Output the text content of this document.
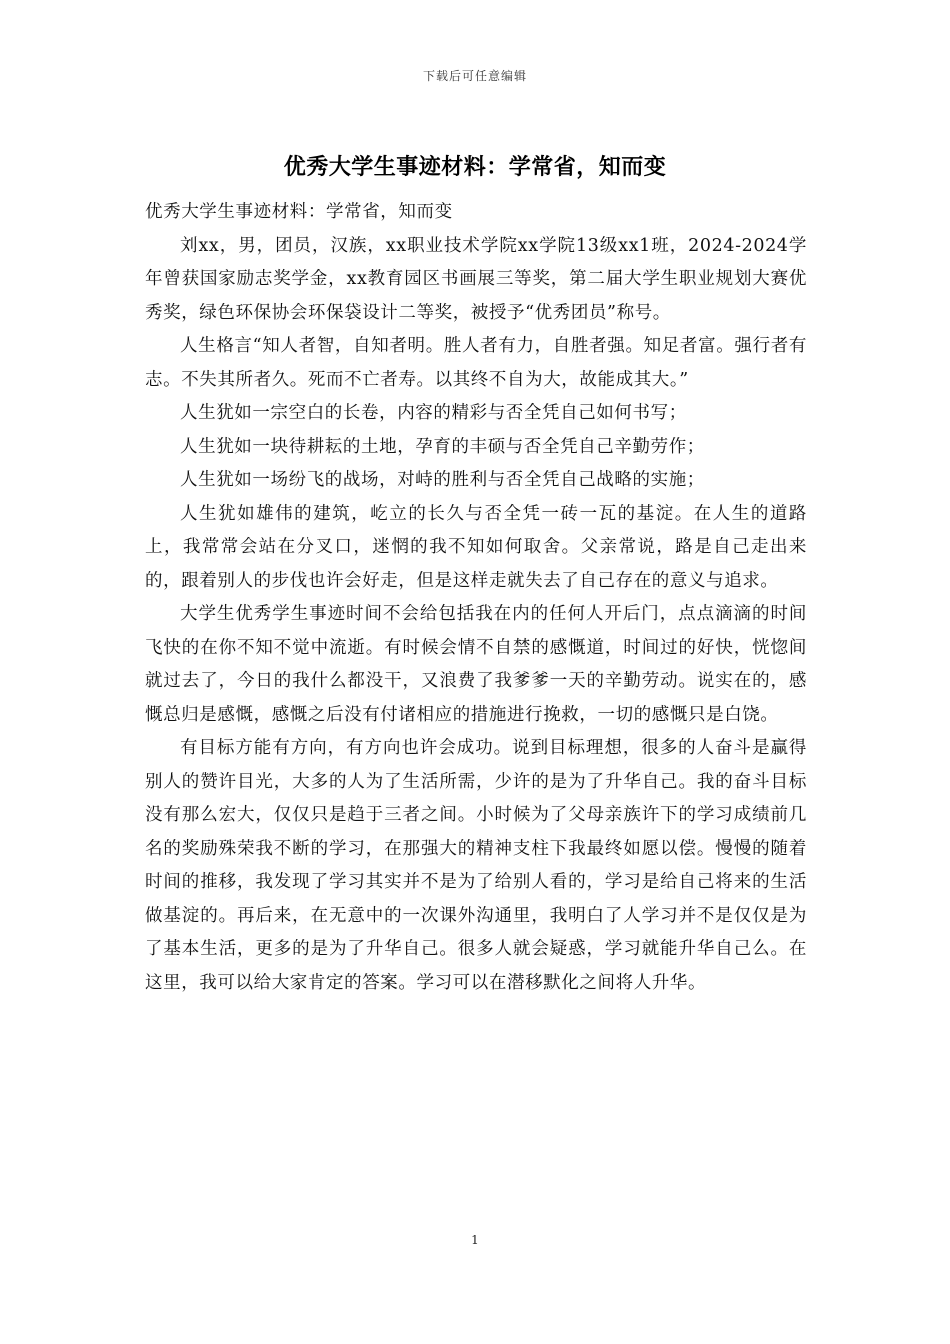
下载后可任意编辑
优秀大学生事迹材料：学常省，知而变

优秀大学生事迹材料：学常省，知而变

刘xx，男，团员，汉族，xx职业技术学院xx学院13级xx1班，2024-2024学年曾获国家励志奖学金，xx教育园区书画展三等奖，第二届大学生职业规划大赛优秀奖，绿色环保协会环保袋设计二等奖，被授予“优秀团员”称号。

人生格言“知人者智，自知者明。胜人者有力，自胜者强。知足者富。强行者有志。不失其所者久。死而不亡者寿。以其终不自为大，故能成其大。”

人生犹如一宗空白的长卷，内容的精彩与否全凭自己如何书写；

人生犹如一块待耕耘的土地，孕育的丰硕与否全凭自己辛勤劳作；

人生犹如一场纷飞的战场，对峙的胜利与否全凭自己战略的实施；

人生犹如雄伟的建筑，屹立的长久与否全凭一砖一瓦的基淀。在人生的道路上，我常常会站在分叉口，迷惘的我不知如何取舍。父亲常说，路是自己走出来的，跟着别人的步伐也许会好走，但是这样走就失去了自己存在的意义与追求。

大学生优秀学生事迹时间不会给包括我在内的任何人开后门，点点滴滴的时间飞快的在你不知不觉中流逝。有时候会情不自禁的感慨道，时间过的好快，恍惚间就过去了，今日的我什么都没干，又浪费了我爹爹一天的辛勤劳动。说实在的，感慨总归是感慨，感慨之后没有付诸相应的措施进行挽救，一切的感慨只是白饶。

有目标方能有方向，有方向也许会成功。说到目标理想，很多的人奋斗是赢得别人的赞许目光，大多的人为了生活所需，少许的是为了升华自己。我的奋斗目标没有那么宏大，仅仅只是趋于三者之间。小时候为了父母亲族许下的学习成绩前几名的奖励殊荣我不断的学习，在那强大的精神支柱下我最终如愿以偿。慢慢的随着时间的推移，我发现了学习其实并不是为了给别人看的，学习是给自己将来的生活做基淀的。再后来，在无意中的一次课外沟通里，我明白了人学习并不是仅仅是为了基本生活，更多的是为了升华自己。很多人就会疑惑，学习就能升华自己么。在这里，我可以给大家肯定的答案。学习可以在潜移默化之间将人升华。

1
